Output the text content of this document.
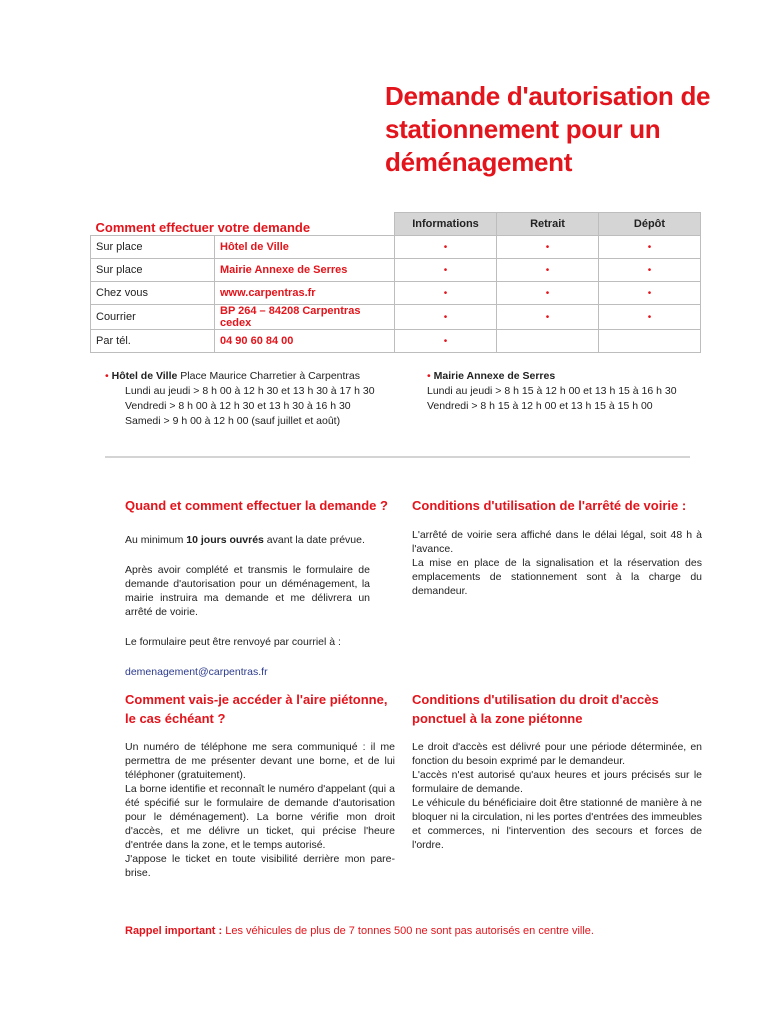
Demande d'autorisation de stationnement pour un déménagement
Comment effectuer votre demande		Informations	Retrait	Dépôt
Sur place	Hôtel de Ville	•	•	•
Sur place	Mairie Annexe de Serres	•	•	•
Chez vous	www.carpentras.fr	•	•	•
Courrier	BP 264 – 84208 Carpentras cedex	•	•	•
Par tél.	04 90 60 84 00	•		
• Hôtel de Ville Place Maurice Charretier à Carpentras
Lundi au jeudi > 8 h 00 à 12 h 30 et 13 h 30 à 17 h 30
Vendredi > 8 h 00 à 12 h 30 et 13 h 30 à 16 h 30
Samedi > 9 h 00 à 12 h 00 (sauf juillet et août)
• Mairie Annexe de Serres
Lundi au jeudi > 8 h 15 à 12 h 00 et 13 h 15 à 16 h 30
Vendredi > 8 h 15 à 12 h 00 et 13 h 15 à 15 h 00
Quand et comment effectuer la demande ?

Au minimum 10 jours ouvrés avant la date prévue.

Après avoir complété et transmis le formulaire de demande d'autorisation pour un déménagement, la mairie instruira ma demande et me délivrera un arrêté de voirie.

Le formulaire peut être renvoyé par courriel à :

demenagement@carpentras.fr

Conditions d'utilisation de l'arrêté de voirie :

L'arrêté de voirie sera affiché dans le délai légal, soit 48 h à l'avance.

La mise en place de la signalisation et la réservation des emplacements de stationnement sont à la charge du demandeur.

Comment vais-je accéder à l'aire piétonne, le cas échéant ?

Un numéro de téléphone me sera communiqué : il me permettra de me présenter devant une borne, et de lui téléphoner (gratuitement).

La borne identifie et reconnaît le numéro d'appelant (qui a été spécifié sur le formulaire de demande d'autorisation pour le déménagement). La borne vérifie mon droit d'accès, et me délivre un ticket, qui précise l'heure d'entrée dans la zone, et le temps autorisé.

J'appose le ticket en toute visibilité derrière mon pare-brise.

Conditions d'utilisation du droit d'accès ponctuel à la zone piétonne

Le droit d'accès est délivré pour une période déterminée, en fonction du besoin exprimé par le demandeur.

L'accès n'est autorisé qu'aux heures et jours précisés sur le formulaire de demande.

Le véhicule du bénéficiaire doit être stationné de manière à ne bloquer ni la circulation, ni les portes d'entrées des immeubles et commerces, ni l'intervention des secours et forces de l'ordre.

Rappel important : Les véhicules de plus de 7 tonnes 500 ne sont pas autorisés en centre ville.
